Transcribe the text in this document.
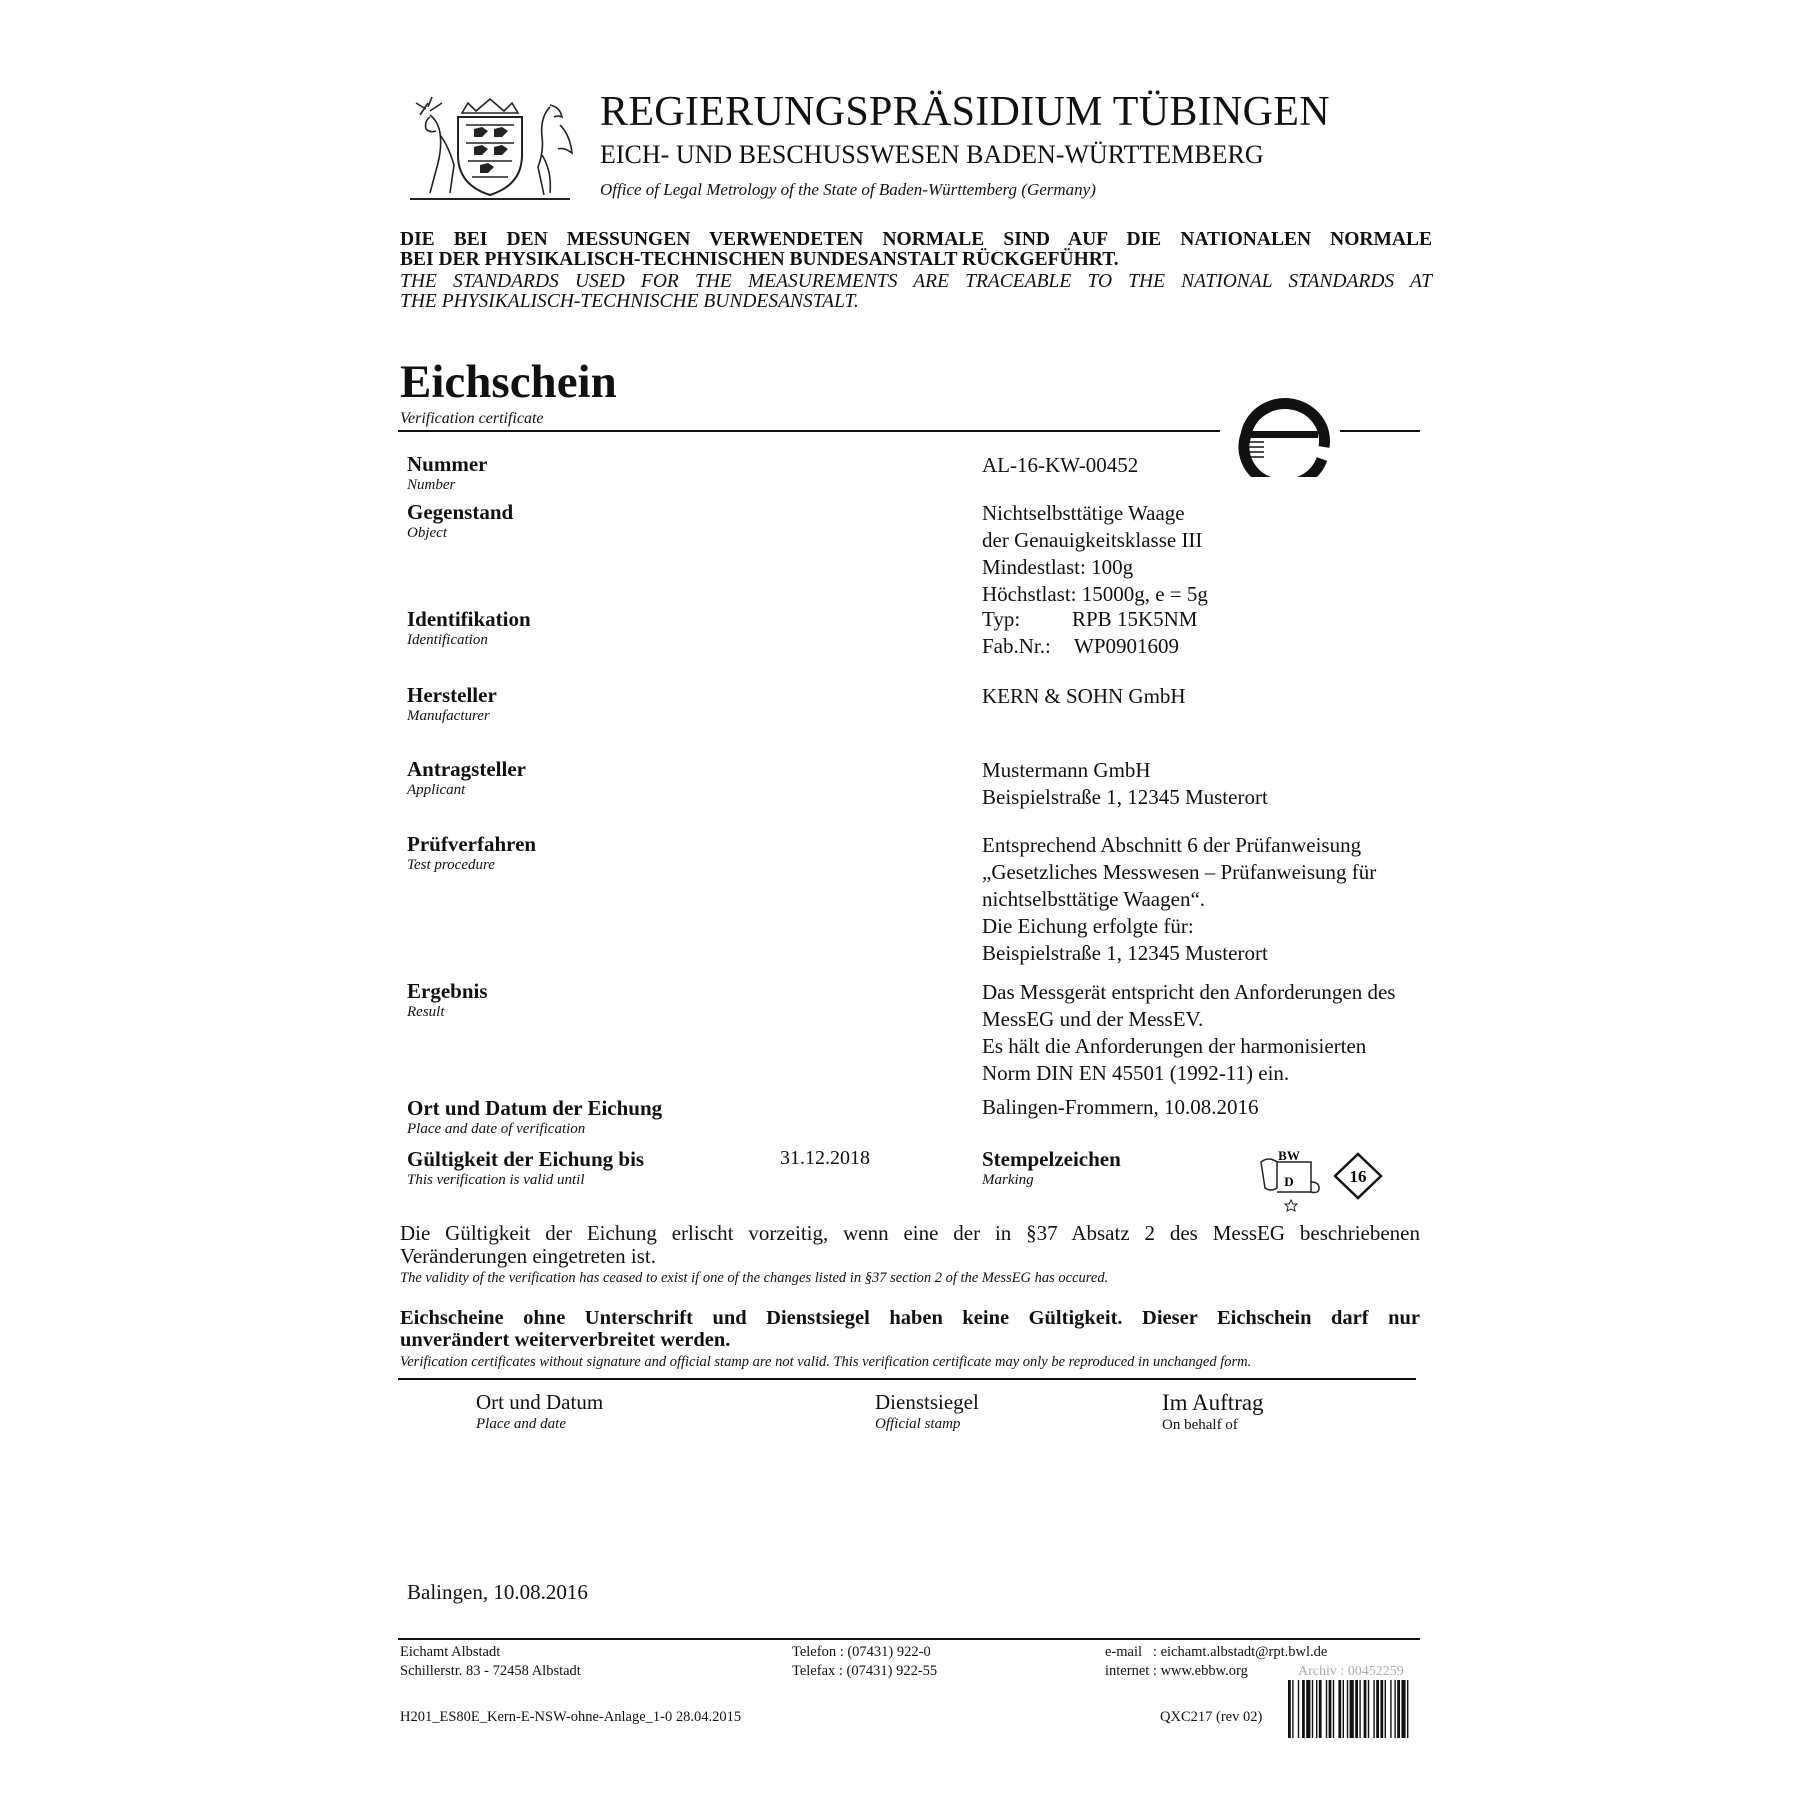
REGIERUNGSPRÄSIDIUM TÜBINGEN
EICH- UND BESCHUSSWESEN BADEN-WÜRTTEMBERG
Office of Legal Metrology of the State of Baden-Württemberg (Germany)
DIE BEI DEN MESSUNGEN VERWENDETEN NORMALE SIND AUF DIE NATIONALEN NORMALE
BEI DER PHYSIKALISCH-TECHNISCHEN BUNDESANSTALT RÜCKGEFÜHRT.
THE STANDARDS USED FOR THE MEASUREMENTS ARE TRACEABLE TO THE NATIONAL STANDARDS AT
THE PHYSIKALISCH-TECHNISCHE BUNDESANSTALT.
Eichschein
Verification certificate
Nummer
Number
AL-16-KW-00452
Gegenstand
Object
Nichtselbsttätige Waage
der Genauigkeitsklasse III
Mindestlast: 100g
Höchstlast: 15000g, e = 5g
Identifikation
Identification
Typ: RPB 15K5NM
Fab.Nr.: WP0901609
Hersteller
Manufacturer
KERN & SOHN GmbH
Antragsteller
Applicant
Mustermann GmbH
Beispielstraße 1, 12345 Musterort
Prüfverfahren
Test procedure
Entsprechend Abschnitt 6 der Prüfanweisung
„Gesetzliches Messwesen – Prüfanweisung für
nichtselbsttätige Waagen“.
Die Eichung erfolgte für:
Beispielstraße 1, 12345 Musterort
Ergebnis
Result
Das Messgerät entspricht den Anforderungen des
MessEG und der MessEV.
Es hält die Anforderungen der harmonisierten
Norm DIN EN 45501 (1992-11) ein.
Ort und Datum der Eichung
Place and date of verification
Balingen-Frommern, 10.08.2016
Gültigkeit der Eichung bis
This verification is valid until
31.12.2018	Stempelzeichen
Marking
BW
D	16
Die Gültigkeit der Eichung erlischt vorzeitig, wenn eine der in §37 Absatz 2 des MessEG beschriebenen
Veränderungen eingetreten ist.
The validity of the verification has ceased to exist if one of the changes listed in §37 section 2 of the MessEG has occured.
Eichscheine ohne Unterschrift und Dienstsiegel haben keine Gültigkeit. Dieser Eichschein darf nur
unverändert weiterverbreitet werden.
Verification certificates without signature and official stamp are not valid. This verification certificate may only be reproduced in unchanged form.
Ort und Datum
Place and date
Dienstsiegel
Official stamp
Im Auftrag
On behalf of
Balingen, 10.08.2016
Eichamt Albstadt
Schillerstr. 83 - 72458 Albstadt
Telefon : (07431) 922-0
Telefax : (07431) 922-55
e-mail   : eichamt.albstadt@rpt.bwl.de
internet : www.ebbw.org	Archiv : 00452259
H201_ES80E_Kern-E-NSW-ohne-Anlage_1-0 28.04.2015	QXC217 (rev 02)
